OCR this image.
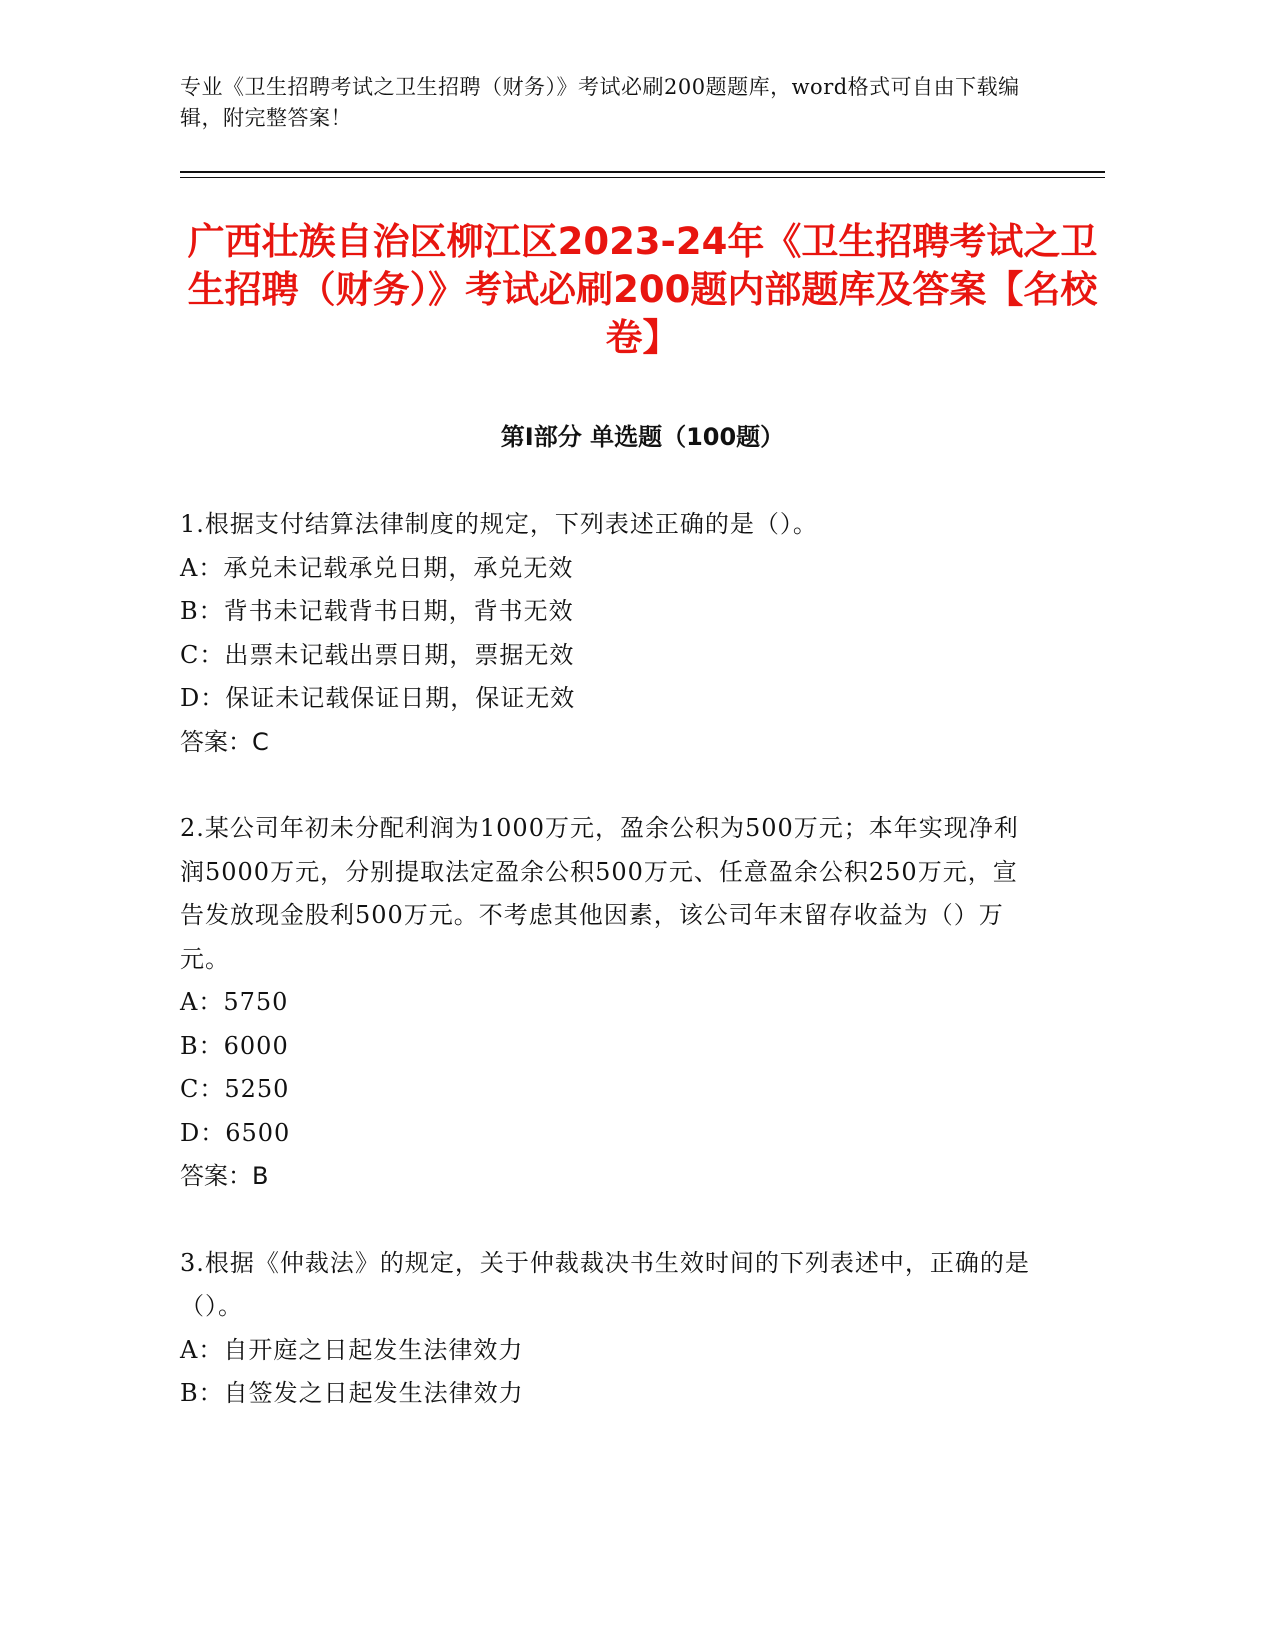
专业《卫生招聘考试之卫生招聘（财务）》考试必刷200题题库，word格式可自由下载编辑，附完整答案！
广西壮族自治区柳江区2023-24年《卫生招聘考试之卫生招聘（财务）》考试必刷200题内部题库及答案【名校卷】
第I部分 单选题（100题）
1.根据支付结算法律制度的规定，下列表述正确的是（）。
A：承兑未记载承兑日期，承兑无效
B：背书未记载背书日期，背书无效
C：出票未记载出票日期，票据无效
D：保证未记载保证日期，保证无效
答案：C
2.某公司年初未分配利润为1000万元，盈余公积为500万元；本年实现净利润5000万元，分别提取法定盈余公积500万元、任意盈余公积250万元，宣告发放现金股利500万元。不考虑其他因素，该公司年末留存收益为（）万元。
A：5750
B：6000
C：5250
D：6500
答案：B
3.根据《仲裁法》的规定，关于仲裁裁决书生效时间的下列表述中，正确的是（）。
A：自开庭之日起发生法律效力
B：自签发之日起发生法律效力
